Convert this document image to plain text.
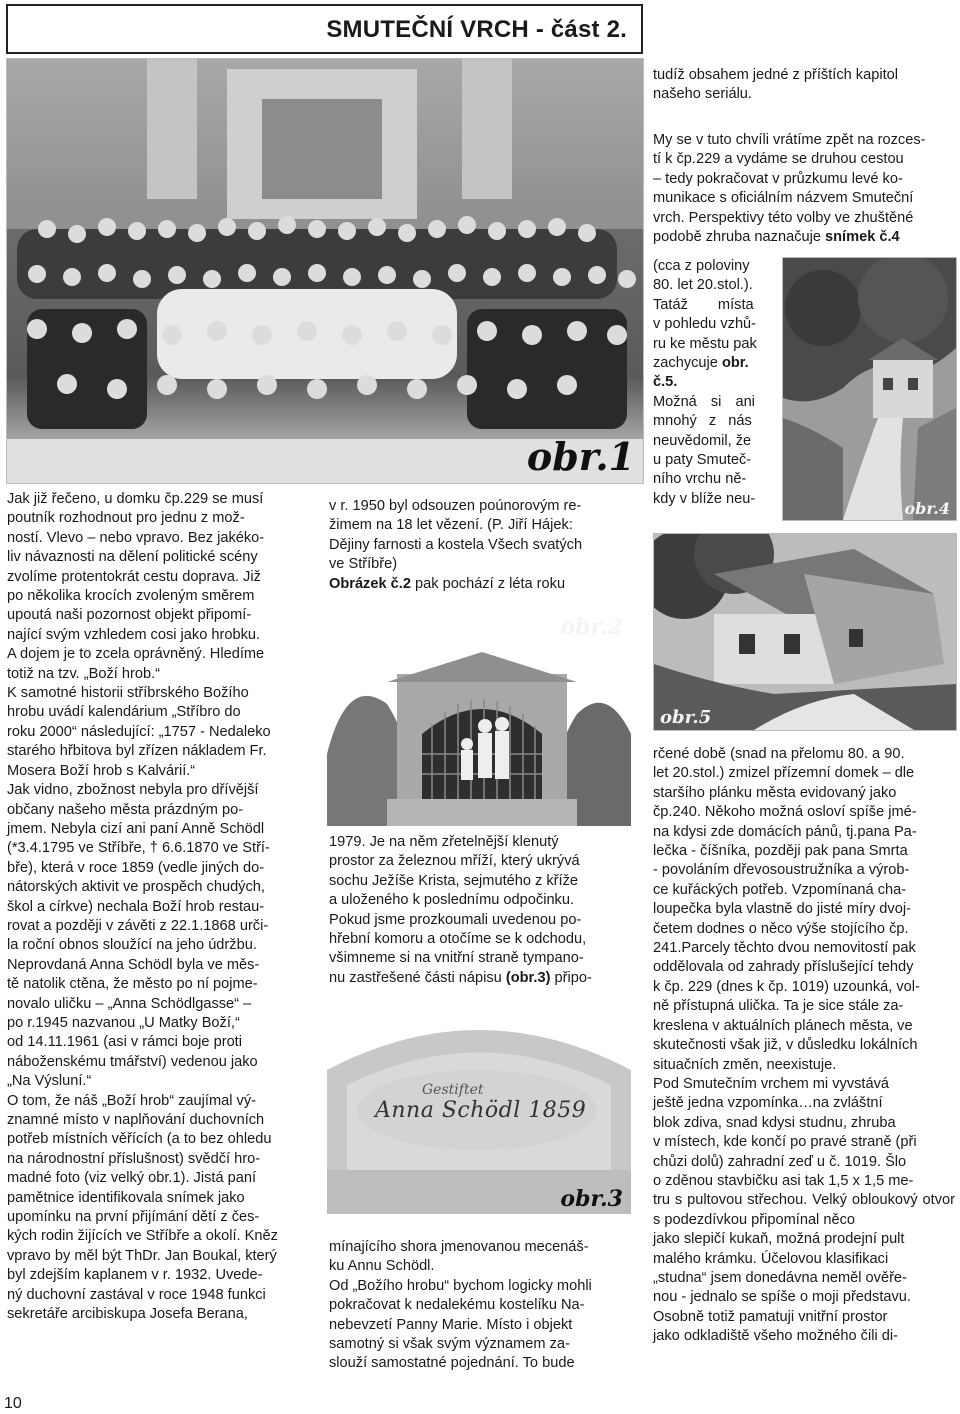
SMUTEČNÍ VRCH - část 2.
obr.1

Jak již řečeno, u domku čp.229 se musí

poutník rozhodnout pro jednu z mož-

ností. Vlevo – nebo vpravo. Bez jakéko-

liv návaznosti na dělení politické scény

zvolíme protentokrát cestu doprava. Již

po několika krocích zvoleným směrem

upoutá naši pozornost objekt připomí-

nající svým vzhledem cosi jako hrobku.

A dojem je to zcela oprávněný. Hledíme

totiž na tzv. „Boží hrob.“

K samotné historii stříbrského Božího

hrobu uvádí kalendárium „Stříbro do

roku 2000“ následující: „1757 - Nedaleko

starého hřbitova byl zřízen nákladem Fr.

Mosera Boží hrob s Kalvárií.“

Jak vidno, zbožnost nebyla pro dřívější

občany našeho města prázdným po-

jmem. Nebyla cizí ani paní Anně Schödl

(*3.4.1795 ve Stříbře, † 6.6.1870 ve Stří-

bře), která v roce 1859 (vedle jiných do-

nátorských aktivit ve prospěch chudých,

škol a církve) nechala Boží hrob restau-

rovat a později v závěti z 22.1.1868 urči-

la roční obnos sloužící na jeho údržbu.

Neprovdaná Anna Schödl byla ve měs-

tě natolik ctěna, že město po ní pojme-

novalo uličku – „Anna Schödlgasse“ –

po r.1945 nazvanou „U Matky Boží,“

od 14.11.1961 (asi v rámci boje proti

náboženskému tmářství) vedenou jako

„Na Výsluní.“

O tom, že náš „Boží hrob“ zaujímal vý-

znamné místo v naplňování duchovních

potřeb místních věřících (a to bez ohledu

na národnostní příslušnost) svědčí hro-

madné foto (viz velký obr.1). Jistá paní

pamětnice identifikovala snímek jako

upomínku na první přijímání dětí z čes-

kých rodin žijících ve Stříbře a okolí. Kněz

vpravo by měl být ThDr. Jan Boukal, který

byl zdejším kaplanem v r. 1932. Uvede-

ný duchovní zastával v roce 1948 funkci

sekretáře arcibiskupa Josefa Berana,

v r. 1950 byl odsouzen poúnorovým re-

žimem na 18 let vězení. (P. Jiří Hájek:

Dějiny farnosti a kostela Všech svatých

ve Stříbře)

Obrázek č.2 pak pochází z léta roku

obr.2

1979. Je na něm zřetelnější klenutý

prostor za železnou mříží, který ukrývá

sochu Ježíše Krista, sejmutého z kříže

a uloženého k poslednímu odpočinku.

Pokud jsme prozkoumali uvedenou po-

hřební komoru a otočíme se k odchodu,

všimneme si na vnitřní straně tympano-

nu zastřešené části nápisu (obr.3) připo-

Gestiftet
Anna Schödl 1859
obr.3

mínajícího shora jmenovanou mecenáš-

ku Annu Schödl.

Od „Božího hrobu“ bychom logicky mohli

pokračovat k nedalekému kostelíku Na-

nebevzetí Panny Marie. Místo i objekt

samotný si však svým významem za-

slouží samostatné pojednání. To bude

tudíž obsahem jedné z příštích kapitol

našeho seriálu.

My se v tuto chvíli vrátíme zpět na rozces-

tí k čp.229 a vydáme se druhou cestou

– tedy pokračovat v průzkumu levé ko-

munikace s oficiálním názvem Smuteční

vrch. Perspektivy této volby ve zhuštěné

podobě zhruba naznačuje snímek č.4

(cca z poloviny

80. let 20.stol.).

Tatáž místa

v pohledu vzhů-

ru ke městu pak

zachycuje obr.

č.5.

Možná si ani

mnohý z nás

neuvědomil, že

u paty Smuteč-

ního vrchu ně-

kdy v blíže neu-

obr.4
obr.5

rčené době (snad na přelomu 80. a 90.

let 20.stol.) zmizel přízemní domek – dle

staršího plánku města evidovaný jako

čp.240. Někoho možná osloví spíše jmé-

na kdysi zde domácích pánů, tj.pana Pa-

lečka - číšníka, později pak pana Smrta

- povoláním dřevosoustružníka a výrob-

ce kuřáckých potřeb. Vzpomínaná cha-

loupečka byla vlastně do jisté míry dvoj-

četem dodnes o něco výše stojícího čp.

241.Parcely těchto dvou nemovitostí pak

oddělovala od zahrady příslušející tehdy

k čp. 229 (dnes k čp. 1019) uzounká, vol-

ně přístupná ulička. Ta je sice stále za-

kreslena v aktuálních plánech města, ve

skutečnosti však již, v důsledku lokálních

situačních změn, neexistuje.

Pod Smutečním vrchem mi vyvstává

ještě jedna vzpomínka…na zvláštní

blok zdiva, snad kdysi studnu, zhruba

v místech, kde končí po pravé straně (při

chůzi dolů) zahradní zeď u č. 1019. Šlo

o zděnou stavbičku asi tak 1,5 x 1,5 me-

tru s pultovou střechou. Velký obloukový otvor s podezdívkou připomínal něco

jako slepičí kukaň, možná prodejní pult

malého krámku. Účelovou klasifikaci

„studna“ jsem donedávna neměl ověře-

nou - jednalo se spíše o moji představu.

Osobně totiž pamatuji vnitřní prostor

jako odkladiště všeho možného čili di-

10
